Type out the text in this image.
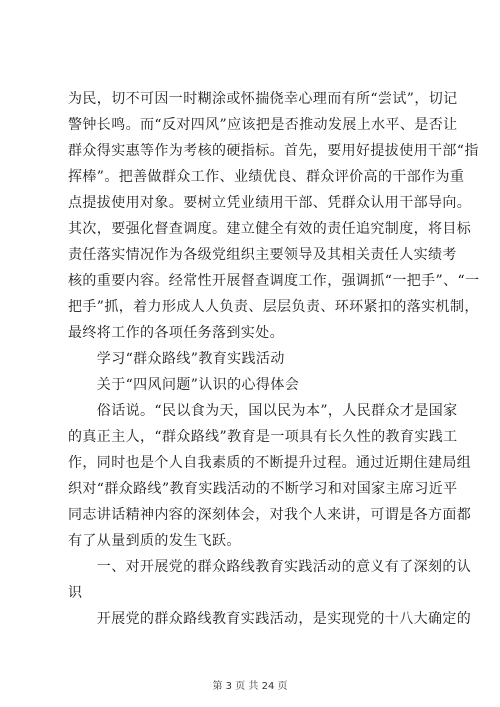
为民，切不可因一时糊涂或怀揣侥幸心理而有所“尝试”，切记
警钟长鸣。而“反对四风”应该把是否推动发展上水平、是否让
群众得实惠等作为考核的硬指标。首先，要用好提拔使用干部“指
挥棒”。把善做群众工作、业绩优良、群众评价高的干部作为重
点提拔使用对象。要树立凭业绩用干部、凭群众认用干部导向。
其次，要强化督查调度。建立健全有效的责任追究制度，将目标
责任落实情况作为各级党组织主要领导及其相关责任人实绩考
核的重要内容。经常性开展督查调度工作，强调抓“一把手”、“一
把手”抓，着力形成人人负责、层层负责、环环紧扣的落实机制，
最终将工作的各项任务落到实处。
　　学习“群众路线”教育实践活动
　　关于“四风问题”认识的心得体会
　　俗话说。“民以食为天，国以民为本”，人民群众才是国家
的真正主人，“群众路线”教育是一项具有长久性的教育实践工
作，同时也是个人自我素质的不断提升过程。通过近期住建局组
织对“群众路线”教育实践活动的不断学习和对国家主席习近平
同志讲话精神内容的深刻体会，对我个人来讲，可谓是各方面都
有了从量到质的发生飞跃。
　　一、对开展党的群众路线教育实践活动的意义有了深刻的认
识
　　开展党的群众路线教育实践活动，是实现党的十八大确定的
第 3 页 共 24 页
